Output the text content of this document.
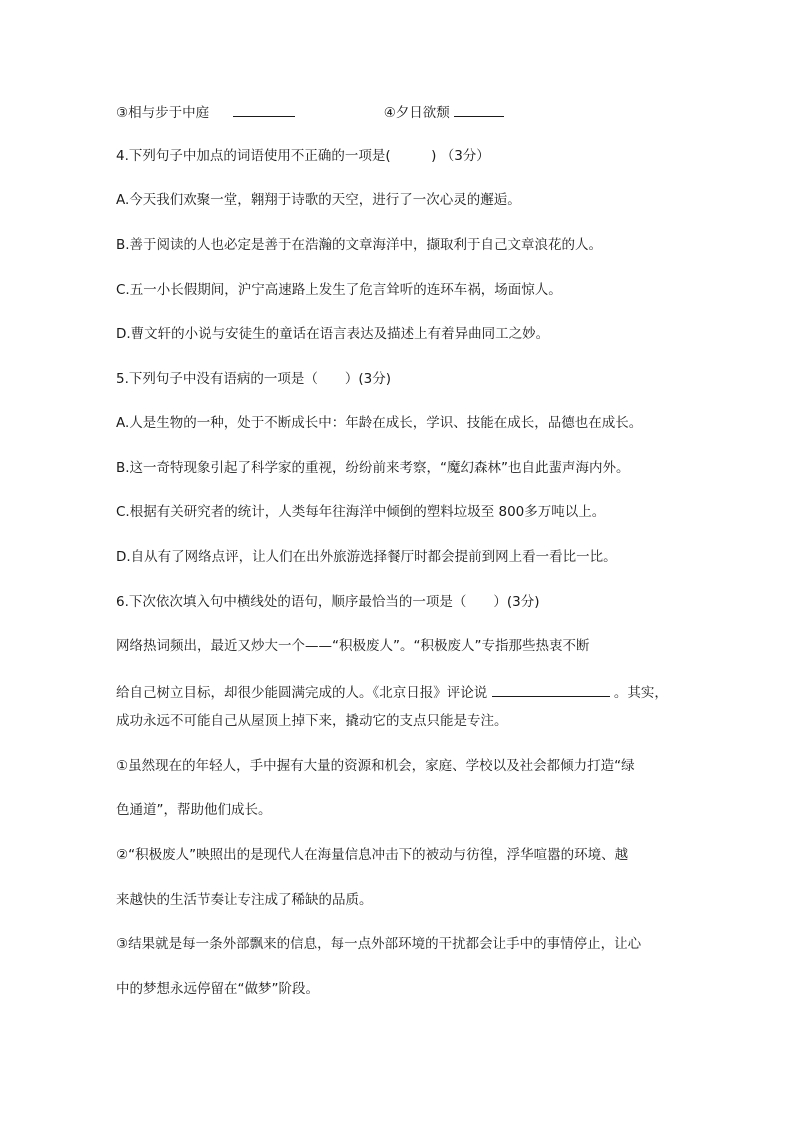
③相与步于中庭	④夕日欲颓
4.下列句子中加点的词语使用不正确的一项是(　　　) （3分）
A.今天我们欢聚一堂，翱翔于诗歌的天空，进行了一次心灵的邂逅。
B.善于阅读的人也必定是善于在浩瀚的文章海洋中，撷取利于自己文章浪花的人。
C.五一小长假期间，沪宁高速路上发生了危言耸听的连环车祸，场面惊人。
D.曹文轩的小说与安徒生的童话在语言表达及描述上有着异曲同工之妙。
5.下列句子中没有语病的一项是（　　）(3分)
A.人是生物的一种，处于不断成长中：年龄在成长，学识、技能在成长，品德也在成长。
B.这一奇特现象引起了科学家的重视，纷纷前来考察，“魔幻森林”也自此蜚声海内外。
C.根据有关研究者的统计，人类每年往海洋中倾倒的塑料垃圾至 800多万吨以上。
D.自从有了网络点评，让人们在出外旅游选择餐厅时都会提前到网上看一看比一比。
6.下次依次填入句中横线处的语句，顺序最恰当的一项是（　　）(3分)
网络热词频出，最近又炒大一个——“积极废人”。“积极废人”专指那些热衷不断
给自己树立目标，却很少能圆满完成的人。《北京日报》评论说	。其实，
成功永远不可能自己从屋顶上掉下来，撬动它的支点只能是专注。
①虽然现在的年轻人，手中握有大量的资源和机会，家庭、学校以及社会都倾力打造“绿
色通道”，帮助他们成长。
②“积极废人”映照出的是现代人在海量信息冲击下的被动与彷徨，浮华喧嚣的环境、越
来越快的生活节奏让专注成了稀缺的品质。
③结果就是每一条外部飘来的信息，每一点外部环境的干扰都会让手中的事情停止，让心
中的梦想永远停留在“做梦”阶段。
